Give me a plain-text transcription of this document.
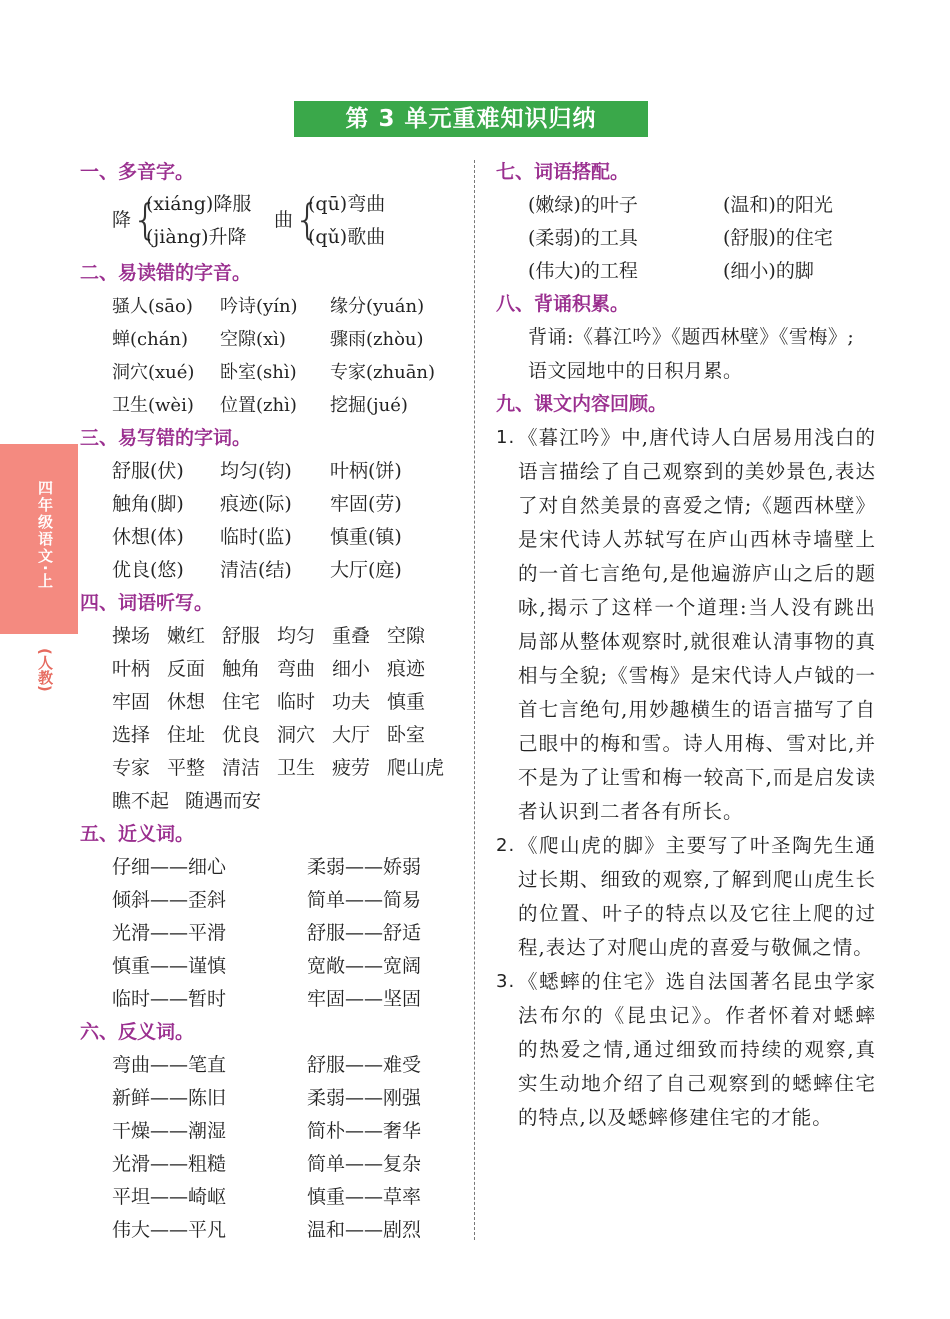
第 3 单元重难知识归纳
四年级语文·上
(人教)
一、多音字。
降 {
(xiáng)降服
(jiàng)升降
曲 {
(qū)弯曲
(qǔ)歌曲
二、易读错的字音。
骚人(sāo)	吟诗(yín)	缘分(yuán)
蝉(chán)	空隙(xì)	骤雨(zhòu)
洞穴(xué)	卧室(shì)	专家(zhuān)
卫生(wèi)	位置(zhì)	挖掘(jué)
三、易写错的字词。
舒服(伏)	均匀(钧)	叶柄(饼)
触角(脚)	痕迹(际)	牢固(劳)
休想(体)	临时(监)	慎重(镇)
优良(悠)	清洁(结)	大厅(庭)
四、词语听写。
操场 嫩红 舒服 均匀 重叠 空隙
叶柄 反面 触角 弯曲 细小 痕迹
牢固 休想 住宅 临时 功夫 慎重
选择 住址 优良 洞穴 大厅 卧室
专家 平整 清洁 卫生 疲劳 爬山虎
瞧不起 随遇而安
五、近义词。
仔细——细心	柔弱——娇弱
倾斜——歪斜	简单——简易
光滑——平滑	舒服——舒适
慎重——谨慎	宽敞——宽阔
临时——暂时	牢固——坚固
六、反义词。
弯曲——笔直	舒服——难受
新鲜——陈旧	柔弱——刚强
干燥——潮湿	简朴——奢华
光滑——粗糙	简单——复杂
平坦——崎岖	慎重——草率
伟大——平凡	温和——剧烈
七、词语搭配。
(嫩绿)的叶子	(温和)的阳光
(柔弱)的工具	(舒服)的住宅
(伟大)的工程	(细小)的脚
八、背诵积累。
背诵:《暮江吟》《题西林壁》《雪梅》;
语文园地中的日积月累。
九、课文内容回顾。
1. 《暮江吟》中,唐代诗人白居易用浅白的语言描绘了自己观察到的美妙景色,表达了对自然美景的喜爱之情;《题西林壁》是宋代诗人苏轼写在庐山西林寺墙壁上的一首七言绝句,是他遍游庐山之后的题咏,揭示了这样一个道理:当人没有跳出局部从整体观察时,就很难认清事物的真相与全貌;《雪梅》是宋代诗人卢钺的一首七言绝句,用妙趣横生的语言描写了自己眼中的梅和雪。诗人用梅、雪对比,并不是为了让雪和梅一较高下,而是启发读者认识到二者各有所长。
2. 《爬山虎的脚》主要写了叶圣陶先生通过长期、细致的观察,了解到爬山虎生长的位置、叶子的特点以及它往上爬的过程,表达了对爬山虎的喜爱与敬佩之情。
3. 《蟋蟀的住宅》选自法国著名昆虫学家法布尔的《昆虫记》。作者怀着对蟋蟀的热爱之情,通过细致而持续的观察,真实生动地介绍了自己观察到的蟋蟀住宅的特点,以及蟋蟀修建住宅的才能。
